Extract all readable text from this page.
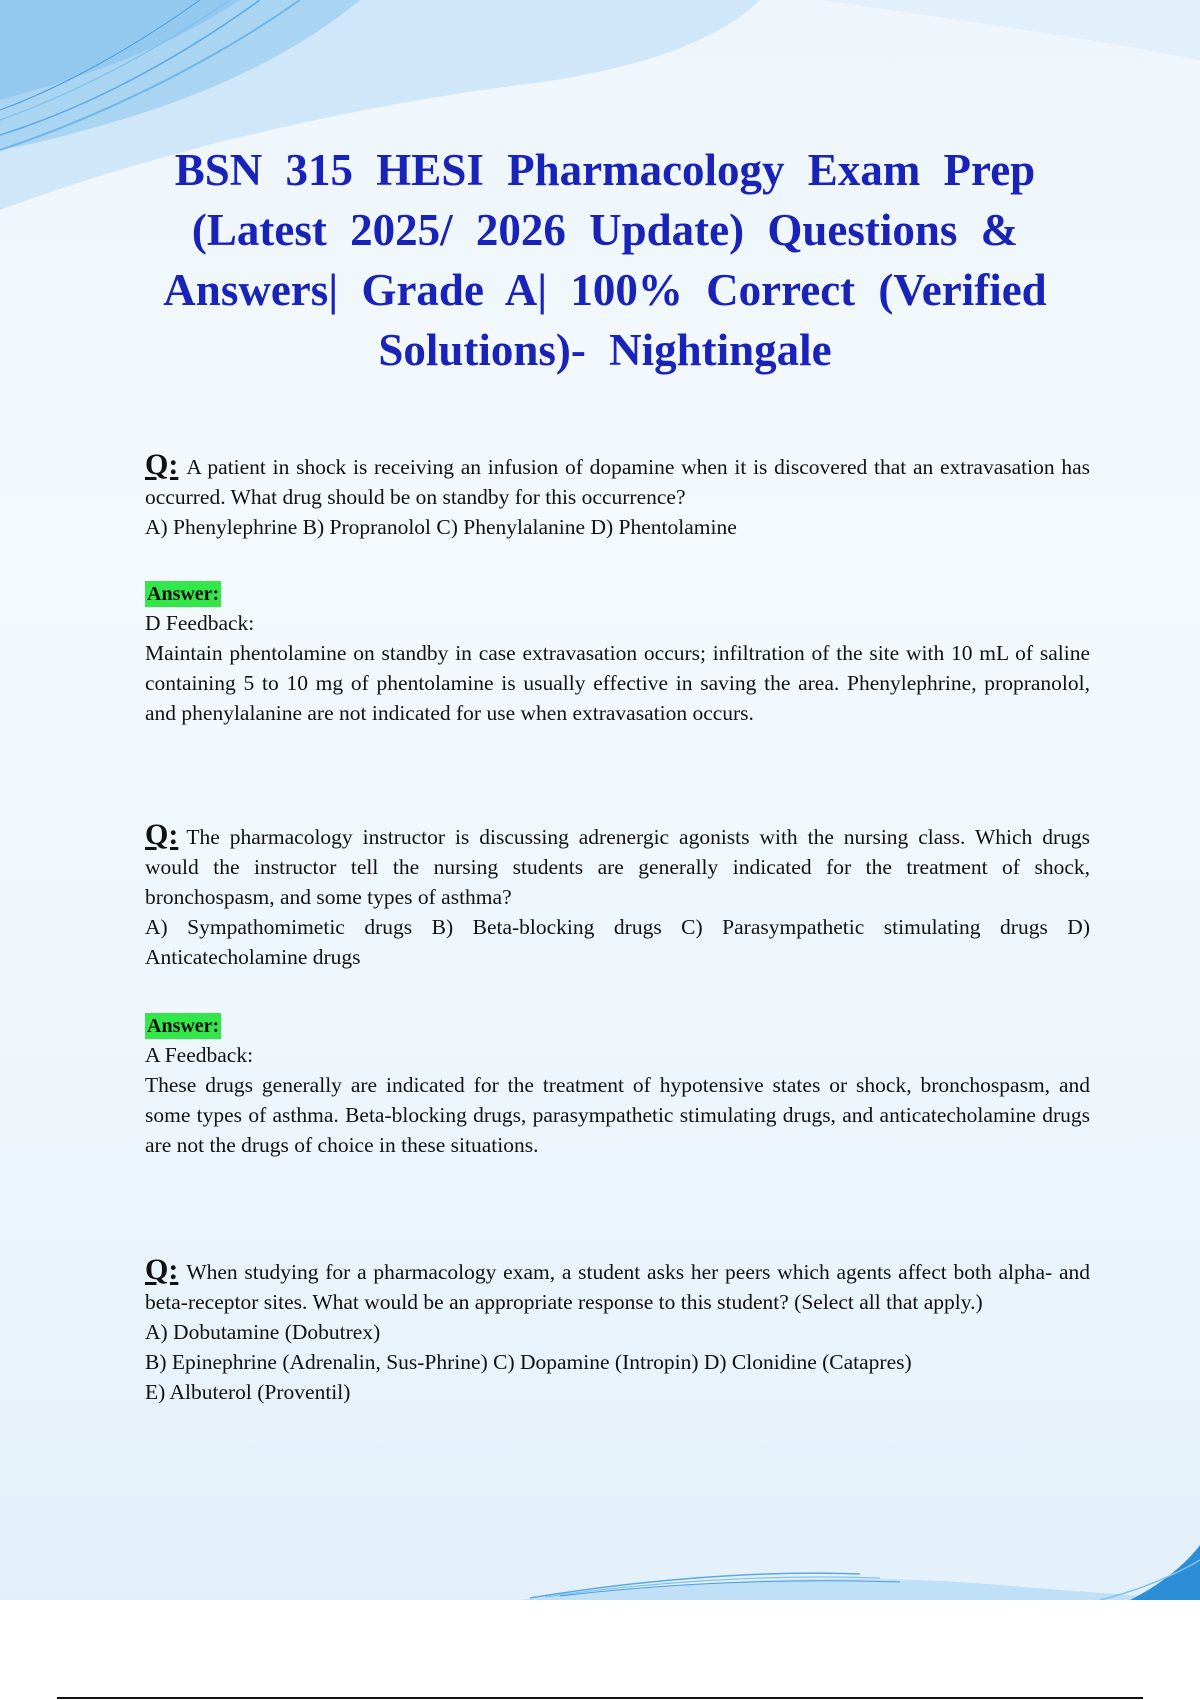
BSN 315 HESI Pharmacology Exam Prep (Latest 2025/ 2026 Update) Questions & Answers| Grade A| 100% Correct (Verified Solutions)- Nightingale
Q: A patient in shock is receiving an infusion of dopamine when it is discovered that an extravasation has occurred. What drug should be on standby for this occurrence?
A) Phenylephrine B) Propranolol C) Phenylalanine D) Phentolamine
Answer:
D Feedback:

Maintain phentolamine on standby in case extravasation occurs; infiltration of the site with 10 mL of saline containing 5 to 10 mg of phentolamine is usually effective in saving the area. Phenylephrine, propranolol, and phenylalanine are not indicated for use when extravasation occurs.

Q: The pharmacology instructor is discussing adrenergic agonists with the nursing class. Which drugs would the instructor tell the nursing students are generally indicated for the treatment of shock, bronchospasm, and some types of asthma?
A) Sympathomimetic drugs B) Beta-blocking drugs C) Parasympathetic stimulating drugs D) Anticatecholamine drugs
Answer:
A Feedback:

These drugs generally are indicated for the treatment of hypotensive states or shock, bronchospasm, and some types of asthma. Beta-blocking drugs, parasympathetic stimulating drugs, and anticatecholamine drugs are not the drugs of choice in these situations.

Q: When studying for a pharmacology exam, a student asks her peers which agents affect both alpha- and beta-receptor sites. What would be an appropriate response to this student? (Select all that apply.)
A) Dobutamine (Dobutrex)
B) Epinephrine (Adrenalin, Sus-Phrine) C) Dopamine (Intropin) D) Clonidine (Catapres)
E) Albuterol (Proventil)
